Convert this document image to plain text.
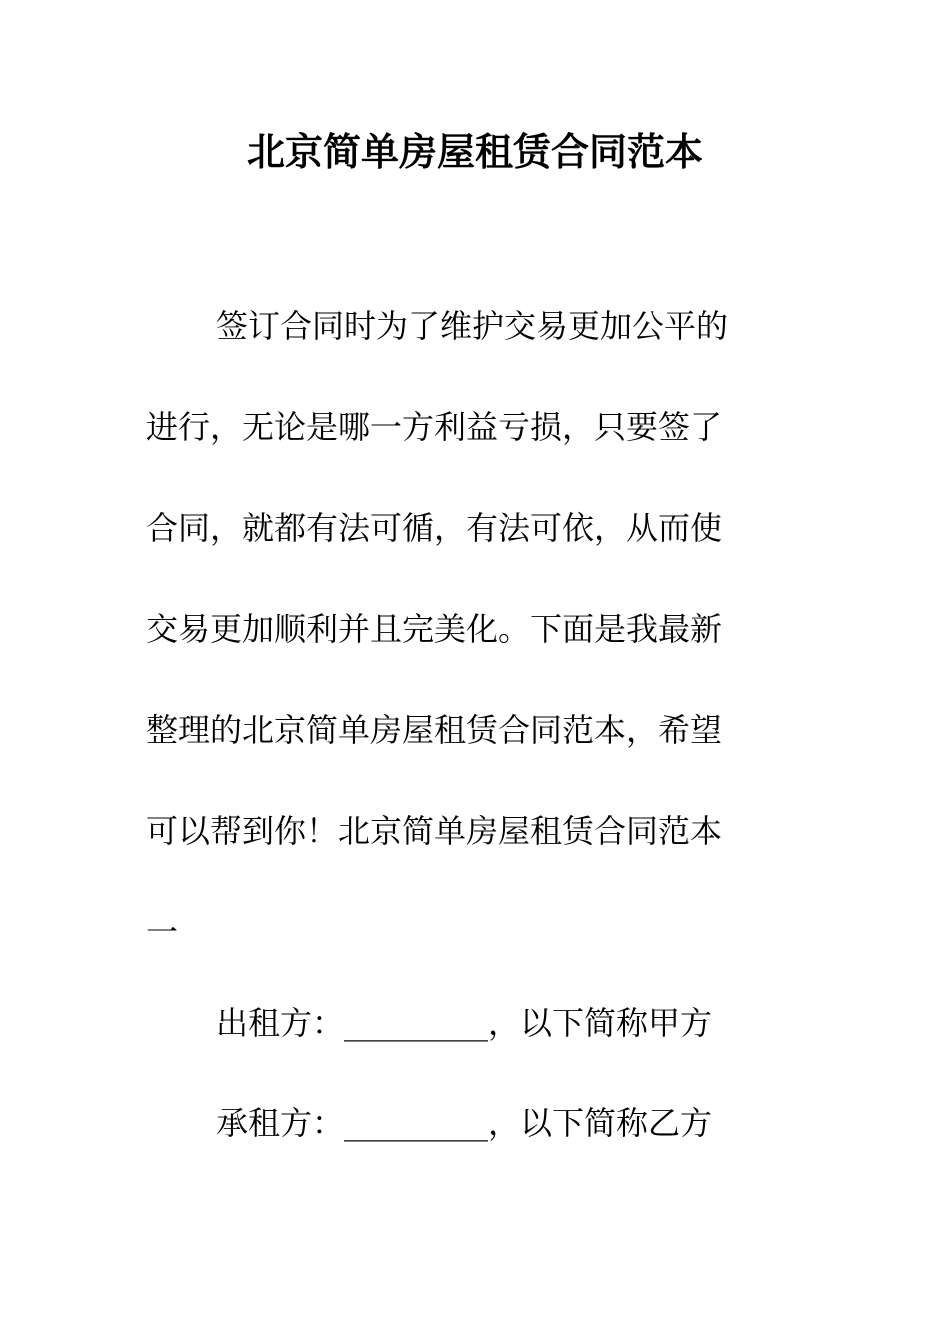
北京简单房屋租赁合同范本
签订合同时为了维护交易更加公平的
进行，无论是哪一方利益亏损，只要签了
合同，就都有法可循，有法可依，从而使
交易更加顺利并且完美化。下面是我最新
整理的北京简单房屋租赁合同范本，希望
可以帮到你！北京简单房屋租赁合同范本
一

出租方：_________，以下简称甲方

承租方：_________，以下简称乙方
